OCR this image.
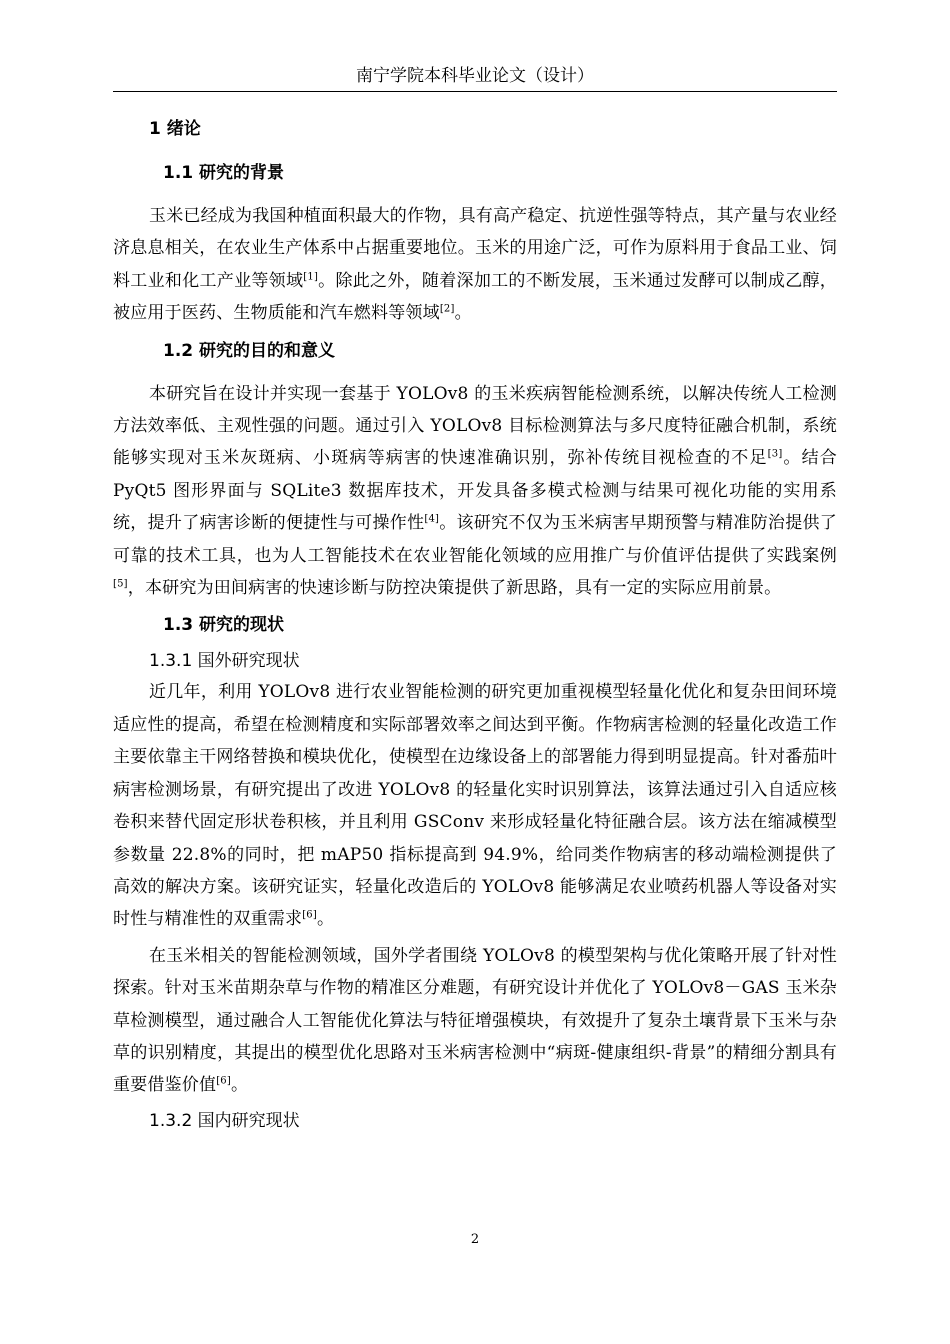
南宁学院本科毕业论文（设计）
1 绪论
1.1 研究的背景

玉米已经成为我国种植面积最大的作物，具有高产稳定、抗逆性强等特点，其产量与农业经济息息相关，在农业生产体系中占据重要地位。玉米的用途广泛，可作为原料用于食品工业、饲料工业和化工产业等领域[1]。除此之外，随着深加工的不断发展，玉米通过发酵可以制成乙醇，被应用于医药、生物质能和汽车燃料等领域[2]。

1.2 研究的目的和意义

本研究旨在设计并实现一套基于 YOLOv8 的玉米疾病智能检测系统，以解决传统人工检测方法效率低、主观性强的问题。通过引入 YOLOv8 目标检测算法与多尺度特征融合机制，系统能够实现对玉米灰斑病、小斑病等病害的快速准确识别，弥补传统目视检查的不足[3]。结合 PyQt5 图形界面与 SQLite3 数据库技术，开发具备多模式检测与结果可视化功能的实用系统，提升了病害诊断的便捷性与可操作性[4]。该研究不仅为玉米病害早期预警与精准防治提供了可靠的技术工具，也为人工智能技术在农业智能化领域的应用推广与价值评估提供了实践案例[5]，本研究为田间病害的快速诊断与防控决策提供了新思路，具有一定的实际应用前景。

1.3 研究的现状
1.3.1 国外研究现状

近几年，利用 YOLOv8 进行农业智能检测的研究更加重视模型轻量化优化和复杂田间环境适应性的提高，希望在检测精度和实际部署效率之间达到平衡。作物病害检测的轻量化改造工作主要依靠主干网络替换和模块优化，使模型在边缘设备上的部署能力得到明显提高。针对番茄叶病害检测场景，有研究提出了改进 YOLOv8 的轻量化实时识别算法，该算法通过引入自适应核卷积来替代固定形状卷积核，并且利用 GSConv 来形成轻量化特征融合层。该方法在缩减模型参数量 22.8%的同时，把 mAP50 指标提高到 94.9%，给同类作物病害的移动端检测提供了高效的解决方案。该研究证实，轻量化改造后的 YOLOv8 能够满足农业喷药机器人等设备对实时性与精准性的双重需求[6]。

在玉米相关的智能检测领域，国外学者围绕 YOLOv8 的模型架构与优化策略开展了针对性探索。针对玉米苗期杂草与作物的精准区分难题，有研究设计并优化了 YOLOv8－GAS 玉米杂草检测模型，通过融合人工智能优化算法与特征增强模块，有效提升了复杂土壤背景下玉米与杂草的识别精度，其提出的模型优化思路对玉米病害检测中“病斑-健康组织-背景”的精细分割具有重要借鉴价值[6]。

1.3.2 国内研究现状
2
